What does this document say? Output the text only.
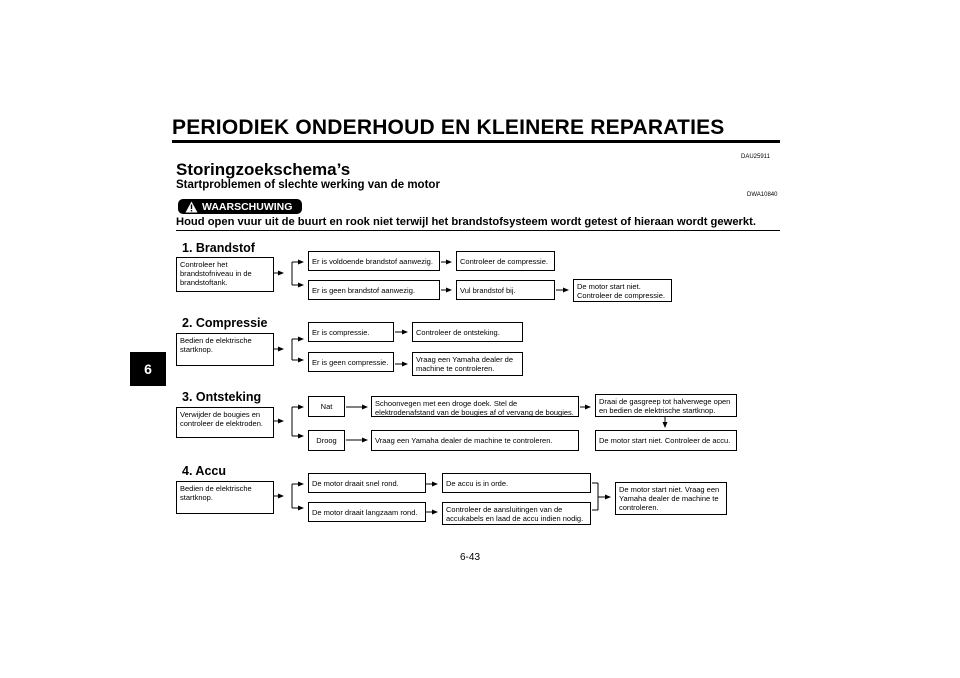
PERIODIEK ONDERHOUD EN KLEINERE REPARATIES
6
DAU25911
Storingzoekschema’s
Startproblemen of slechte werking van de motor
DWA10840
WAARSCHUWING
Houd open vuur uit de buurt en rook niet terwijl het brandstofsysteem wordt getest of hieraan wordt gewerkt.
1. Brandstof
Controleer het brandstofniveau in de brandstoftank.
Er is voldoende brandstof aanwezig.	Controleer de compressie.
Er is geen brandstof aanwezig.	Vul brandstof bij.	De motor start niet. Controleer de compressie.
2. Compressie
Bedien de elektrische startknop.
Er is compressie.	Controleer de ontsteking.
Er is geen compressie.	Vraag een Yamaha dealer de machine te controleren.
3. Ontsteking
Verwijder de bougies en controleer de elektroden.
Nat	Schoonvegen met een droge doek. Stel de elektrodenafstand van de bougies af of vervang de bougies.
Draai de gasgreep tot halverwege open en bedien de elektrische startknop.
Droog	Vraag een Yamaha dealer de machine te controleren.	De motor start niet. Controleer de accu.
4. Accu
Bedien de elektrische startknop.
De motor draait snel rond.	De accu is in orde.
De motor draait langzaam rond.	Controleer de aansluitingen van de accukabels en laad de accu indien nodig.
De motor start niet. Vraag een Yamaha dealer de machine te controleren.
6-43
